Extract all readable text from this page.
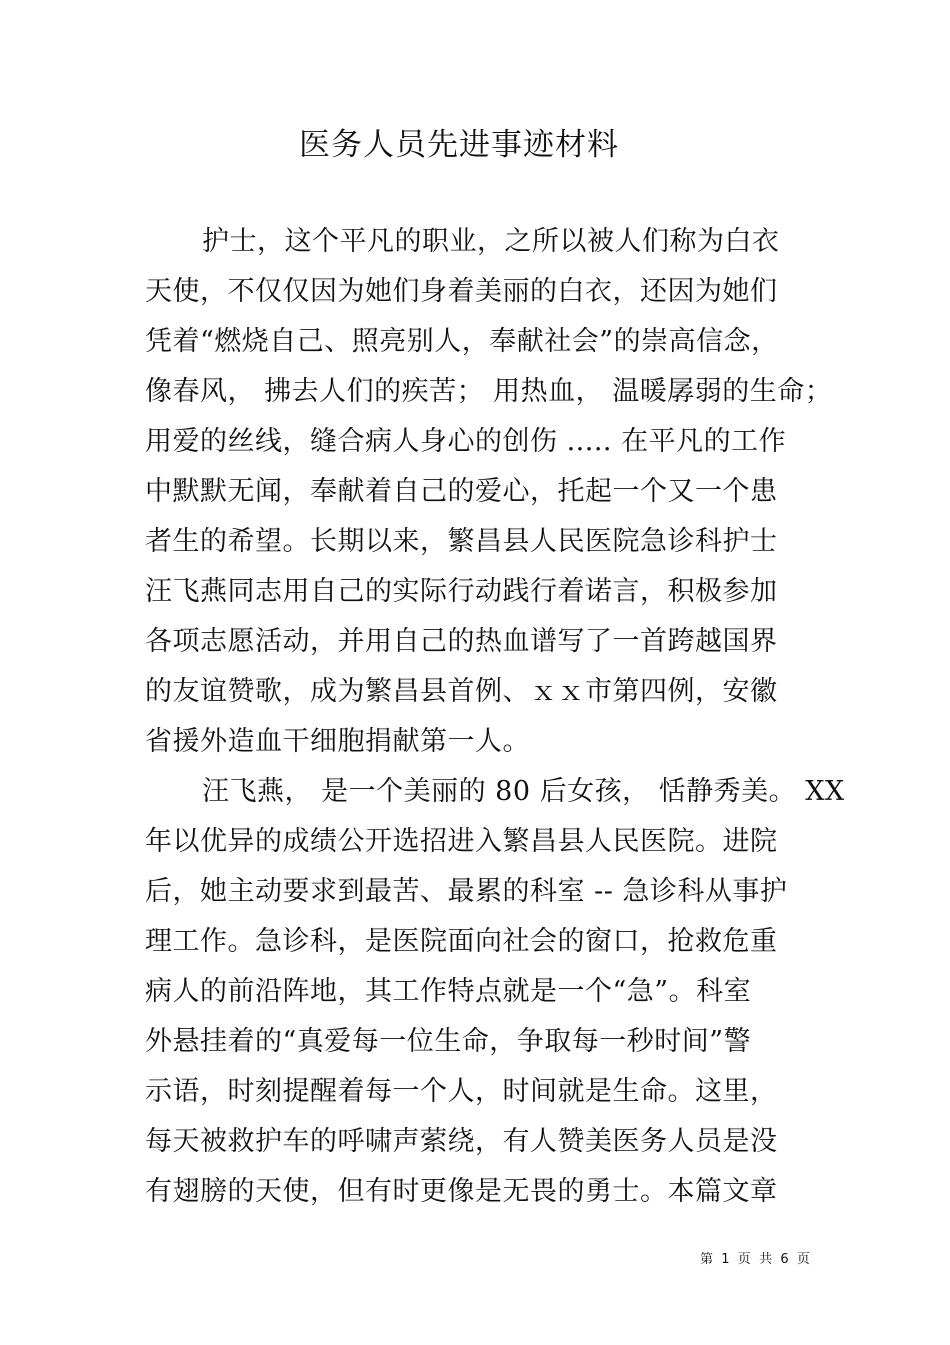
医务人员先进事迹材料
护士，这个平凡的职业，之所以被人们称为白衣
天使，不仅仅因为她们身着美丽的白衣，还因为她们
凭着“燃烧自己、照亮别人，奉献社会”的崇高信念，
像春风， 拂去人们的疾苦； 用热血， 温暖孱弱的生命；
用爱的丝线，缝合病人身心的创伤 ..... 在平凡的工作
中默默无闻，奉献着自己的爱心，托起一个又一个患
者生的希望。长期以来，繁昌县人民医院急诊科护士
汪飞燕同志用自己的实际行动践行着诺言，积极参加
各项志愿活动，并用自己的热血谱写了一首跨越国界
的友谊赞歌，成为繁昌县首例、ｘｘ市第四例，安徽
省援外造血干细胞捐献第一人。
汪飞燕， 是一个美丽的 80 后女孩， 恬静秀美。 XX
年以优异的成绩公开选招进入繁昌县人民医院。进院
后，她主动要求到最苦、最累的科室 -- 急诊科从事护
理工作。急诊科，是医院面向社会的窗口，抢救危重
病人的前沿阵地，其工作特点就是一个“急”。科室
外悬挂着的“真爱每一位生命，争取每一秒时间”警
示语，时刻提醒着每一个人，时间就是生命。这里，
每天被救护车的呼啸声萦绕，有人赞美医务人员是没
有翅膀的天使，但有时更像是无畏的勇士。本篇文章
第  1  页  共  6  页
